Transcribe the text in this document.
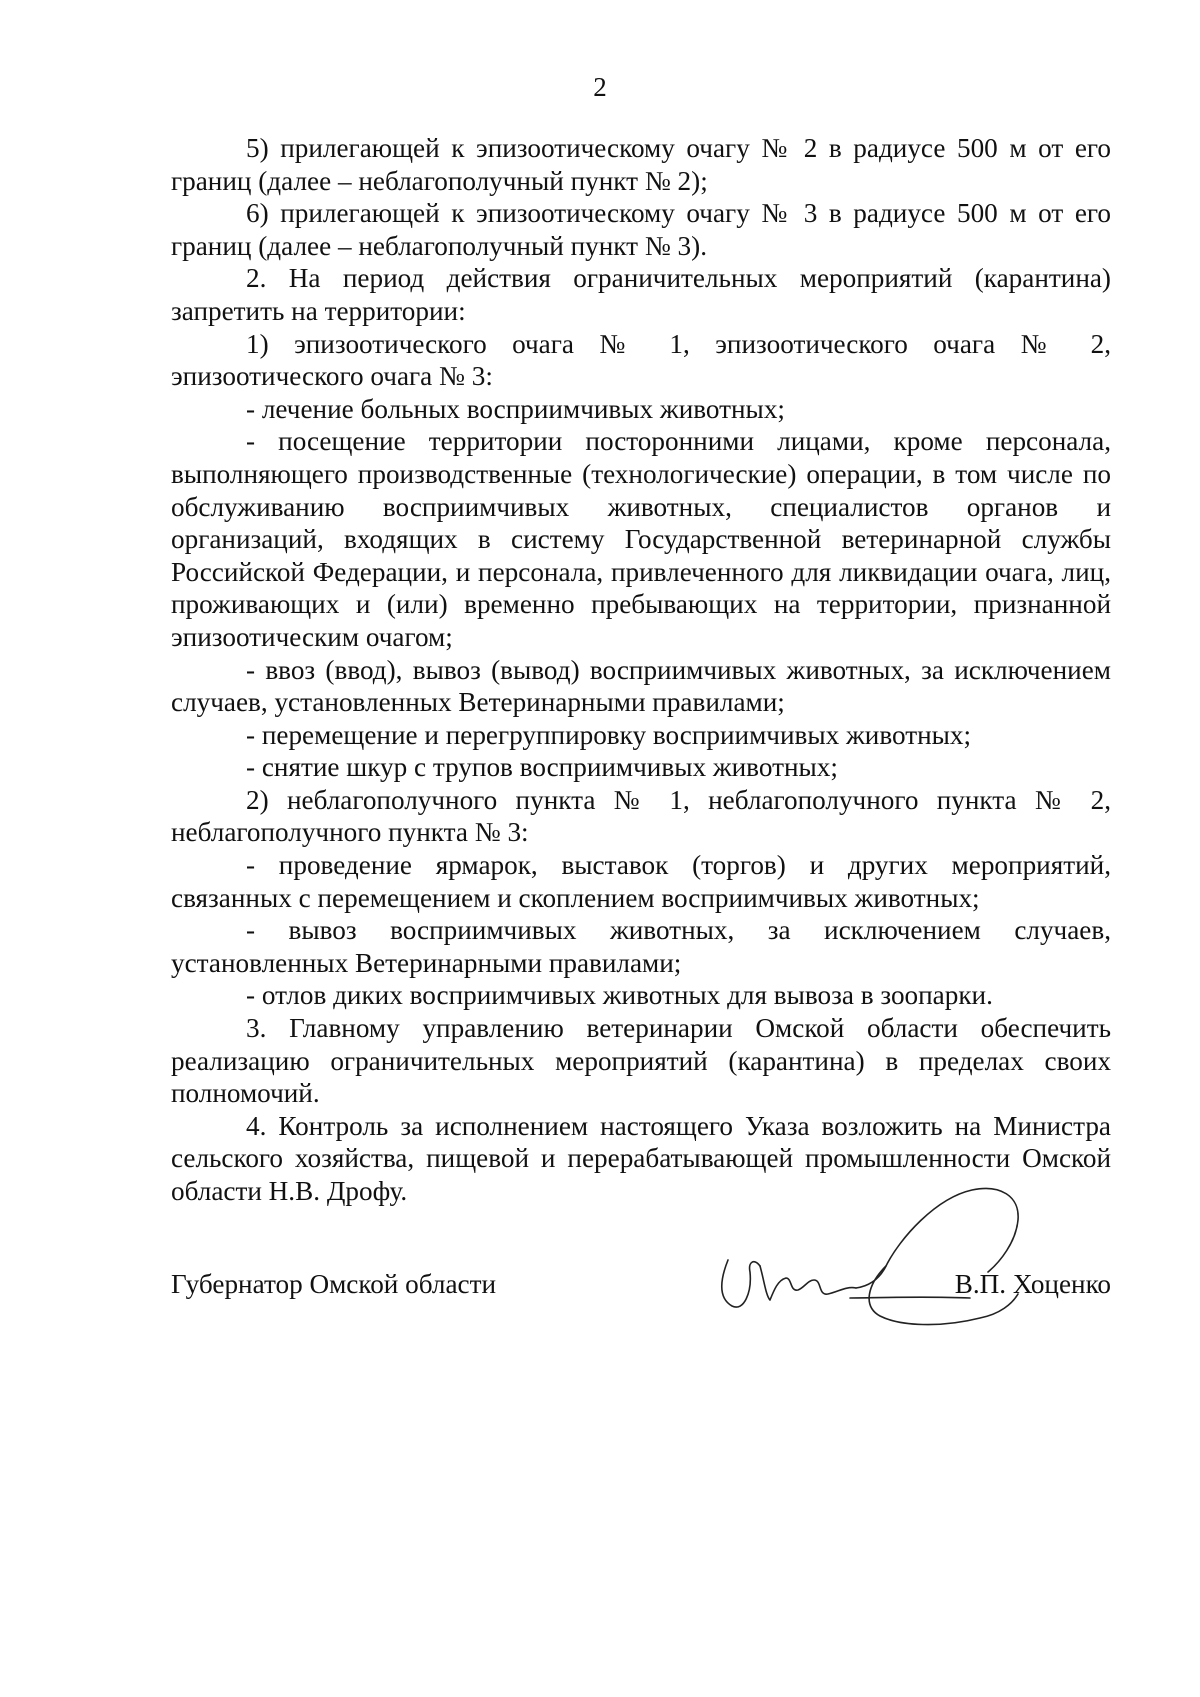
2

5) прилегающей к эпизоотическому очагу № 2 в радиусе 500 м от его границ (далее – неблагополучный пункт № 2);

6) прилегающей к эпизоотическому очагу № 3 в радиусе 500 м от его границ (далее – неблагополучный пункт № 3).

2. На период действия ограничительных мероприятий (карантина) запретить на территории:

1) эпизоотического очага № 1, эпизоотического очага № 2, эпизоотического очага № 3:

- лечение больных восприимчивых животных;

- посещение территории посторонними лицами, кроме персонала, выполняющего производственные (технологические) операции, в том числе по обслуживанию восприимчивых животных, специалистов органов и организаций, входящих в систему Государственной ветеринарной службы Российской Федерации, и персонала, привлеченного для ликвидации очага, лиц, проживающих и (или) временно пребывающих на территории, признанной эпизоотическим очагом;

- ввоз (ввод), вывоз (вывод) восприимчивых животных, за исключением случаев, установленных Ветеринарными правилами;

- перемещение и перегруппировку восприимчивых животных;

- снятие шкур с трупов восприимчивых животных;

2) неблагополучного пункта № 1, неблагополучного пункта № 2, неблагополучного пункта № 3:

- проведение ярмарок, выставок (торгов) и других мероприятий, связанных с перемещением и скоплением восприимчивых животных;

- вывоз восприимчивых животных, за исключением случаев, установленных Ветеринарными правилами;

- отлов диких восприимчивых животных для вывоза в зоопарки.

3. Главному управлению ветеринарии Омской области обеспечить реализацию ограничительных мероприятий (карантина) в пределах своих полномочий.

4. Контроль за исполнением настоящего Указа возложить на Министра сельского хозяйства, пищевой и перерабатывающей промышленности Омской области Н.В. Дрофу.

Губернатор Омской области	В.П. Хоценко
